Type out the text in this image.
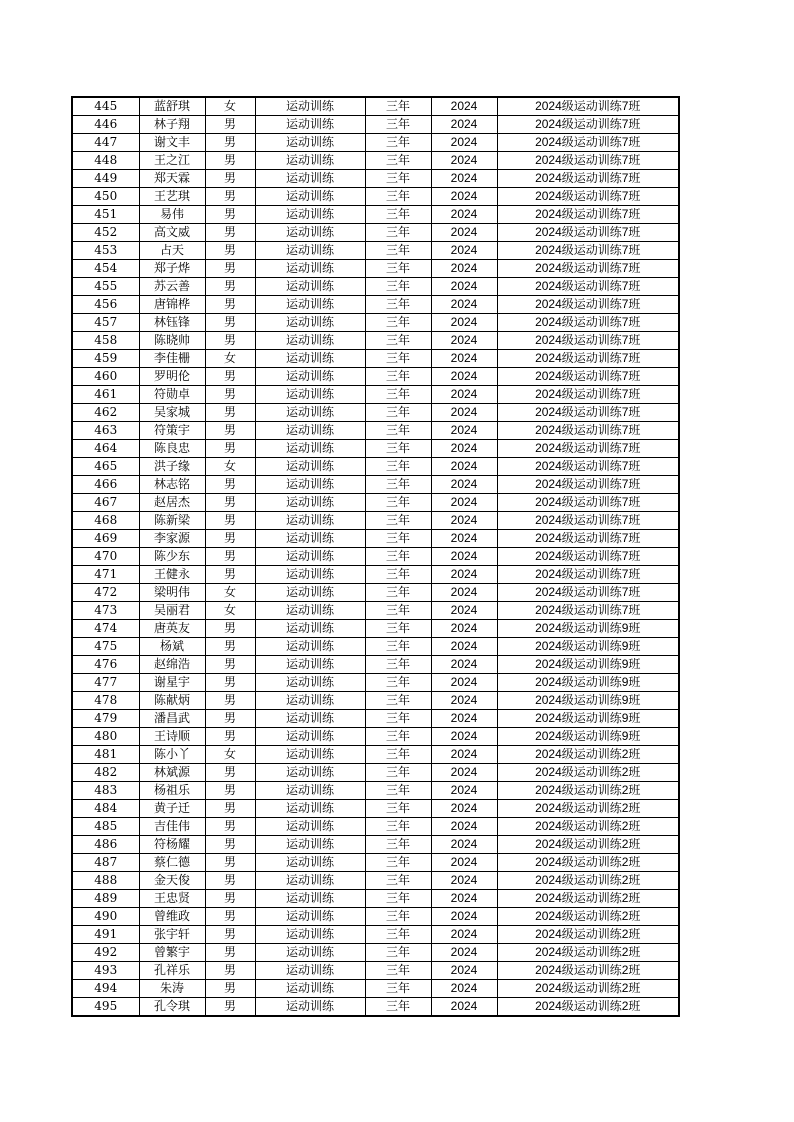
445	蓝舒琪	女	运动训练	三年	2024	2024级运动训练7班
446	林子翔	男	运动训练	三年	2024	2024级运动训练7班
447	谢文丰	男	运动训练	三年	2024	2024级运动训练7班
448	王之江	男	运动训练	三年	2024	2024级运动训练7班
449	郑天霖	男	运动训练	三年	2024	2024级运动训练7班
450	王艺琪	男	运动训练	三年	2024	2024级运动训练7班
451	易伟	男	运动训练	三年	2024	2024级运动训练7班
452	高文威	男	运动训练	三年	2024	2024级运动训练7班
453	占天	男	运动训练	三年	2024	2024级运动训练7班
454	郑子烨	男	运动训练	三年	2024	2024级运动训练7班
455	苏云善	男	运动训练	三年	2024	2024级运动训练7班
456	唐锦桦	男	运动训练	三年	2024	2024级运动训练7班
457	林钰锋	男	运动训练	三年	2024	2024级运动训练7班
458	陈晓帅	男	运动训练	三年	2024	2024级运动训练7班
459	李佳栅	女	运动训练	三年	2024	2024级运动训练7班
460	罗明伦	男	运动训练	三年	2024	2024级运动训练7班
461	符勋卓	男	运动训练	三年	2024	2024级运动训练7班
462	吴家城	男	运动训练	三年	2024	2024级运动训练7班
463	符策宇	男	运动训练	三年	2024	2024级运动训练7班
464	陈良忠	男	运动训练	三年	2024	2024级运动训练7班
465	洪子缘	女	运动训练	三年	2024	2024级运动训练7班
466	林志铭	男	运动训练	三年	2024	2024级运动训练7班
467	赵居杰	男	运动训练	三年	2024	2024级运动训练7班
468	陈新梁	男	运动训练	三年	2024	2024级运动训练7班
469	李家源	男	运动训练	三年	2024	2024级运动训练7班
470	陈少东	男	运动训练	三年	2024	2024级运动训练7班
471	王健永	男	运动训练	三年	2024	2024级运动训练7班
472	梁明伟	女	运动训练	三年	2024	2024级运动训练7班
473	吴丽君	女	运动训练	三年	2024	2024级运动训练7班
474	唐英友	男	运动训练	三年	2024	2024级运动训练9班
475	杨斌	男	运动训练	三年	2024	2024级运动训练9班
476	赵绵浩	男	运动训练	三年	2024	2024级运动训练9班
477	谢星宇	男	运动训练	三年	2024	2024级运动训练9班
478	陈献炳	男	运动训练	三年	2024	2024级运动训练9班
479	潘昌武	男	运动训练	三年	2024	2024级运动训练9班
480	王诗顺	男	运动训练	三年	2024	2024级运动训练9班
481	陈小丫	女	运动训练	三年	2024	2024级运动训练2班
482	林斌源	男	运动训练	三年	2024	2024级运动训练2班
483	杨祖乐	男	运动训练	三年	2024	2024级运动训练2班
484	黄子迁	男	运动训练	三年	2024	2024级运动训练2班
485	吉佳伟	男	运动训练	三年	2024	2024级运动训练2班
486	符杨耀	男	运动训练	三年	2024	2024级运动训练2班
487	蔡仁德	男	运动训练	三年	2024	2024级运动训练2班
488	金天俊	男	运动训练	三年	2024	2024级运动训练2班
489	王忠贤	男	运动训练	三年	2024	2024级运动训练2班
490	曾维政	男	运动训练	三年	2024	2024级运动训练2班
491	张宇轩	男	运动训练	三年	2024	2024级运动训练2班
492	曾繁宇	男	运动训练	三年	2024	2024级运动训练2班
493	孔祥乐	男	运动训练	三年	2024	2024级运动训练2班
494	朱涛	男	运动训练	三年	2024	2024级运动训练2班
495	孔令琪	男	运动训练	三年	2024	2024级运动训练2班
